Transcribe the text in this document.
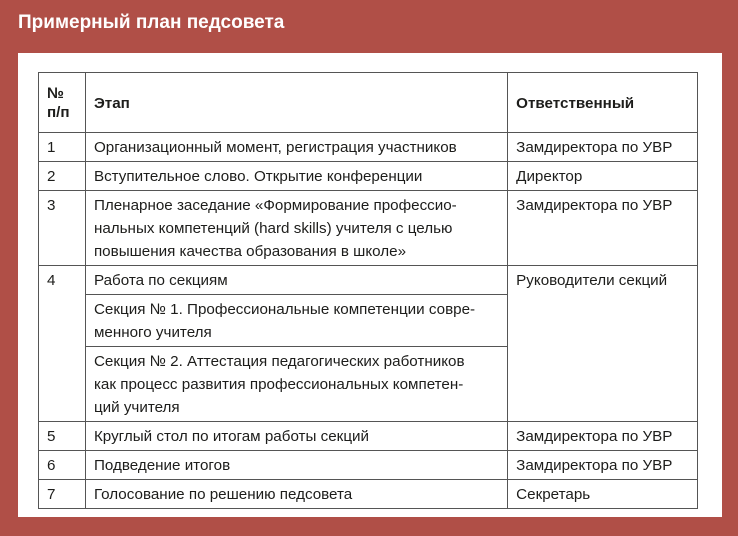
Примерный план педсовета
№
п/п	Этап	Ответственный
1	Организационный момент, регистрация участников	Замдиректора по УВР
2	Вступительное слово. Открытие конференции	Директор
3	Пленарное заседание «Формирование профессио-
нальных компетенций (hard skills) учителя с целью
повышения качества образования в школе»	Замдиректора по УВР
4	Работа по секциям	Руководители секций
	Секция № 1. Профессиональные компетенции совре-
менного учителя	
	Секция № 2. Аттестация педагогических работников
как процесс развития профессиональных компетен-
ций учителя	
5	Круглый стол по итогам работы секций	Замдиректора по УВР
6	Подведение итогов	Замдиректора по УВР
7	Голосование по решению педсовета	Секретарь
